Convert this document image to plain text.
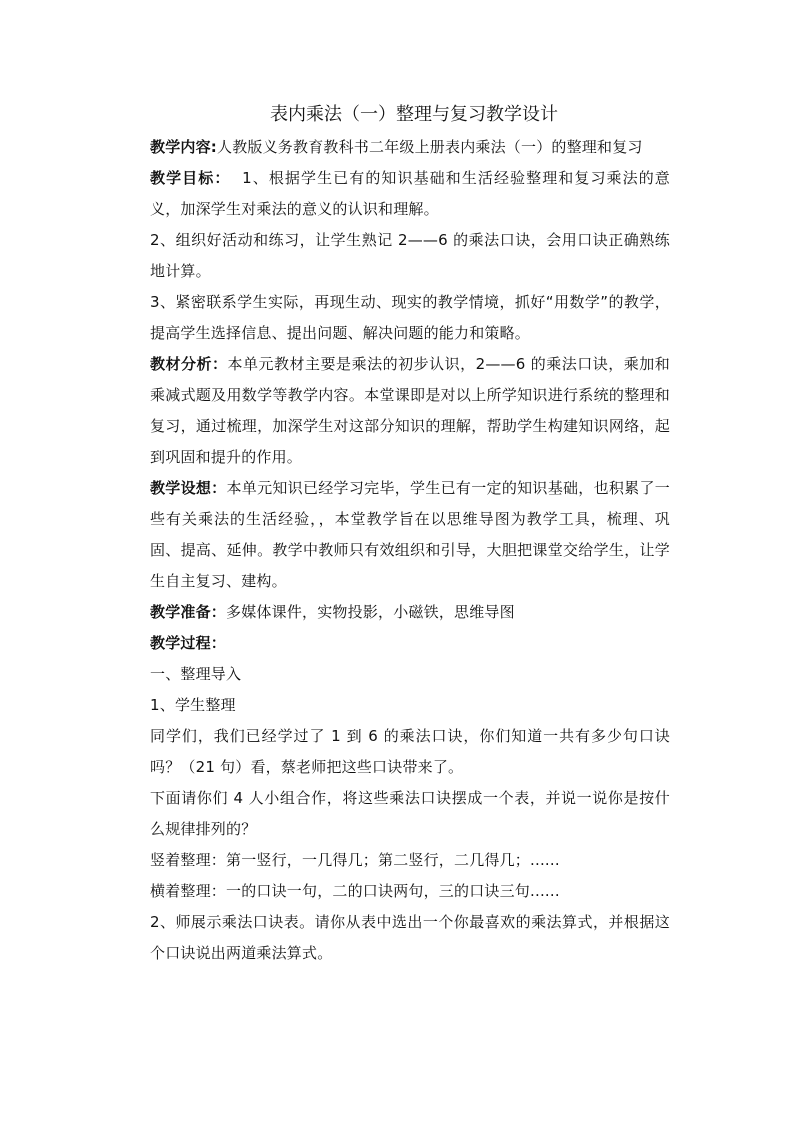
表内乘法（一）整理与复习教学设计

教学内容:人教版义务教育教科书二年级上册表内乘法（一）的整理和复习

教学目标： 1、根据学生已有的知识基础和生活经验整理和复习乘法的意义，加深学生对乘法的意义的认识和理解。

2、组织好活动和练习，让学生熟记 2——6 的乘法口诀，会用口诀正确熟练地计算。

3、紧密联系学生实际，再现生动、现实的教学情境，抓好“用数学”的教学，提高学生选择信息、提出问题、解决问题的能力和策略。

教材分析：本单元教材主要是乘法的初步认识，2——6 的乘法口诀，乘加和乘减式题及用数学等教学内容。本堂课即是对以上所学知识进行系统的整理和复习，通过梳理，加深学生对这部分知识的理解，帮助学生构建知识网络，起到巩固和提升的作用。

教学设想：本单元知识已经学习完毕，学生已有一定的知识基础，也积累了一些有关乘法的生活经验，，本堂教学旨在以思维导图为教学工具，梳理、巩固、提高、延伸。教学中教师只有效组织和引导，大胆把课堂交给学生，让学生自主复习、建构。

教学准备：多媒体课件，实物投影，小磁铁，思维导图

教学过程：

一、整理导入

1、学生整理

同学们，我们已经学过了 1 到 6 的乘法口诀，你们知道一共有多少句口诀吗？（21 句）看，蔡老师把这些口诀带来了。

下面请你们 4 人小组合作，将这些乘法口诀摆成一个表，并说一说你是按什么规律排列的？

竖着整理：第一竖行，一几得几；第二竖行，二几得几；......

横着整理：一的口诀一句，二的口诀两句，三的口诀三句......

2、师展示乘法口诀表。请你从表中选出一个你最喜欢的乘法算式，并根据这个口诀说出两道乘法算式。
